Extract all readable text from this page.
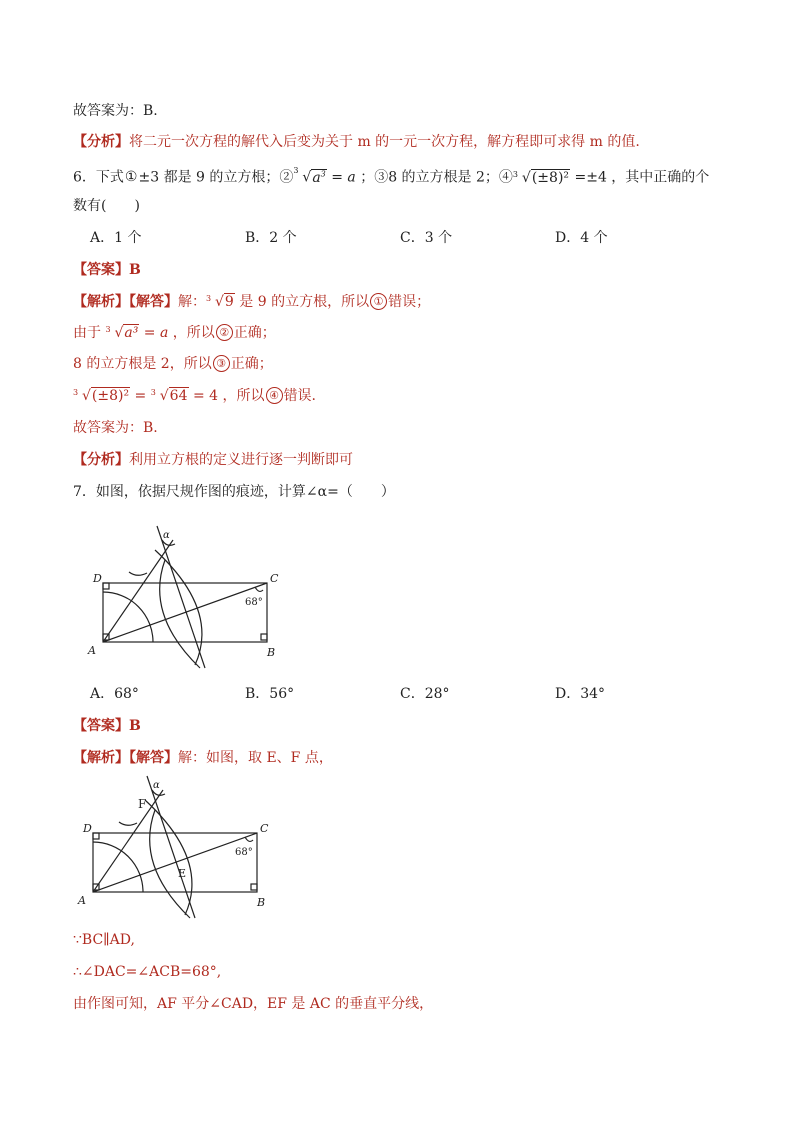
故答案为：B.
【分析】将二元一次方程的解代入后变为关于 m 的一元一次方程，解方程即可求得 m 的值.
6．下式①±3 都是 9 的立方根；② 3 $√a^3 = a$ ；③8 的立方根是 2；④ 3 √(±8)² =±4 ，其中正确的个
数有(　　)
A．1 个	B．2 个	C．3 个	D．4 个
【答案】B
【解析】【解答】解： 3 √9 是 9 的立方根，所以 ① 错误；
由于 3 √a³ = a ，所以 ② 正确；
8 的立方根是 2，所以 ③ 正确；
3 √(±8)² = 3 √64 = 4 ，所以 ④ 错误.
故答案为：B.
【分析】利用立方根的定义进行逐一判断即可
7．如图，依据尺规作图的痕迹，计算∠α=（　　）
A	B
C
D
α
68°
A．68°	B．56°	C．28°	D．34°
【答案】B
【解析】【解答】解：如图，取 E、F 点，
A	B
C
D
E
F
α
68°
∵BC∥AD,
∴∠DAC=∠ACB=68°,
由作图可知，AF 平分∠CAD，EF 是 AC 的垂直平分线，
